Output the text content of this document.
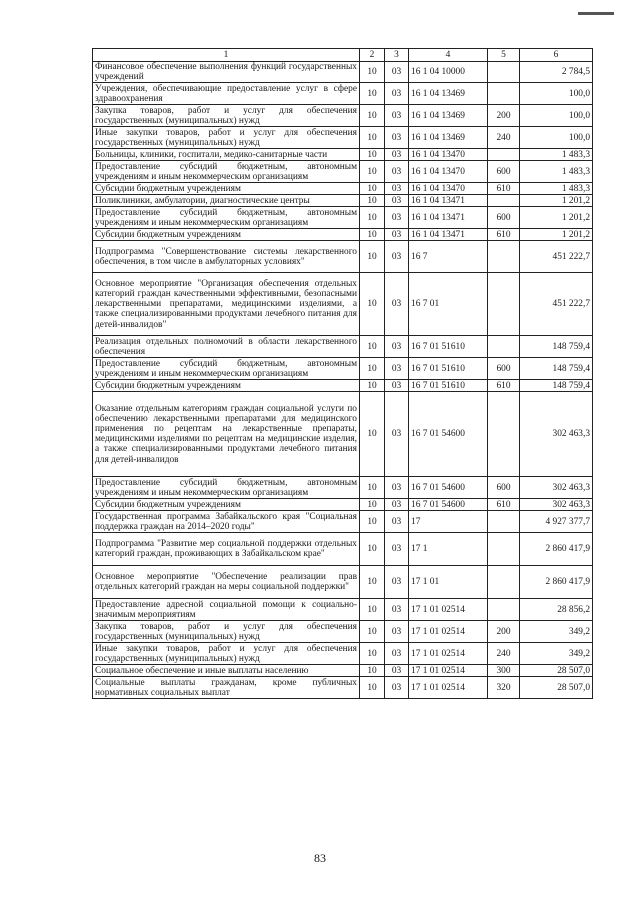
1	2	3	4	5	6
Финансовое обеспечение выполнения функций государственных учреждений	10	03	16 1 04 10000		2 784,5
Учреждения, обеспечивающие предоставление услуг в сфере здравоохранения	10	03	16 1 04 13469		100,0
Закупка товаров, работ и услуг для обеспечения государственных (муниципальных) нужд	10	03	16 1 04 13469	200	100,0
Иные закупки товаров, работ и услуг для обеспечения государственных (муниципальных) нужд	10	03	16 1 04 13469	240	100,0
Больницы, клиники, госпитали, медико-санитарные части	10	03	16 1 04 13470		1 483,3
Предоставление субсидий бюджетным, автономным учреждениям и иным некоммерческим организациям	10	03	16 1 04 13470	600	1 483,3
Субсидии бюджетным учреждениям	10	03	16 1 04 13470	610	1 483,3
Поликлиники, амбулатории, диагностические центры	10	03	16 1 04 13471		1 201,2
Предоставление субсидий бюджетным, автономным учреждениям и иным некоммерческим организациям	10	03	16 1 04 13471	600	1 201,2
Субсидии бюджетным учреждениям	10	03	16 1 04 13471	610	1 201,2
Подпрограмма "Совершенствование системы лекарственного обеспечения, в том числе в амбулаторных условиях"	10	03	16 7		451 222,7
Основное мероприятие "Организация обеспечения отдельных категорий граждан качественными эффективными, безопасными лекарственными препаратами, медицинскими изделиями, а также специализированными продуктами лечебного питания для детей-инвалидов"	10	03	16 7 01		451 222,7
Реализация отдельных полномочий в области лекарственного обеспечения	10	03	16 7 01 51610		148 759,4
Предоставление субсидий бюджетным, автономным учреждениям и иным некоммерческим организациям	10	03	16 7 01 51610	600	148 759,4
Субсидии бюджетным учреждениям	10	03	16 7 01 51610	610	148 759,4
Оказание отдельным категориям граждан социальной услуги по обеспечению лекарственными препаратами для медицинского применения по рецептам на лекарственные препараты, медицинскими изделиями по рецептам на медицинские изделия, а также специализированными продуктами лечебного питания для детей-инвалидов	10	03	16 7 01 54600		302 463,3
Предоставление субсидий бюджетным, автономным учреждениям и иным некоммерческим организациям	10	03	16 7 01 54600	600	302 463,3
Субсидии бюджетным учреждениям	10	03	16 7 01 54600	610	302 463,3
Государственная программа Забайкальского края "Социальная поддержка граждан на 2014–2020 годы"	10	03	17		4 927 377,7
Подпрограмма "Развитие мер социальной поддержки отдельных категорий граждан, проживающих в Забайкальском крае"	10	03	17 1		2 860 417,9
Основное мероприятие "Обеспечение реализации прав отдельных категорий граждан на меры социальной поддержки"	10	03	17 1 01		2 860 417,9
Предоставление адресной социальной помощи к социально-значимым мероприятиям	10	03	17 1 01 02514		28 856,2
Закупка товаров, работ и услуг для обеспечения государственных (муниципальных) нужд	10	03	17 1 01 02514	200	349,2
Иные закупки товаров, работ и услуг для обеспечения государственных (муниципальных) нужд	10	03	17 1 01 02514	240	349,2
Социальное обеспечение и иные выплаты населению	10	03	17 1 01 02514	300	28 507,0
Социальные выплаты гражданам, кроме публичных нормативных социальных выплат	10	03	17 1 01 02514	320	28 507,0
83
